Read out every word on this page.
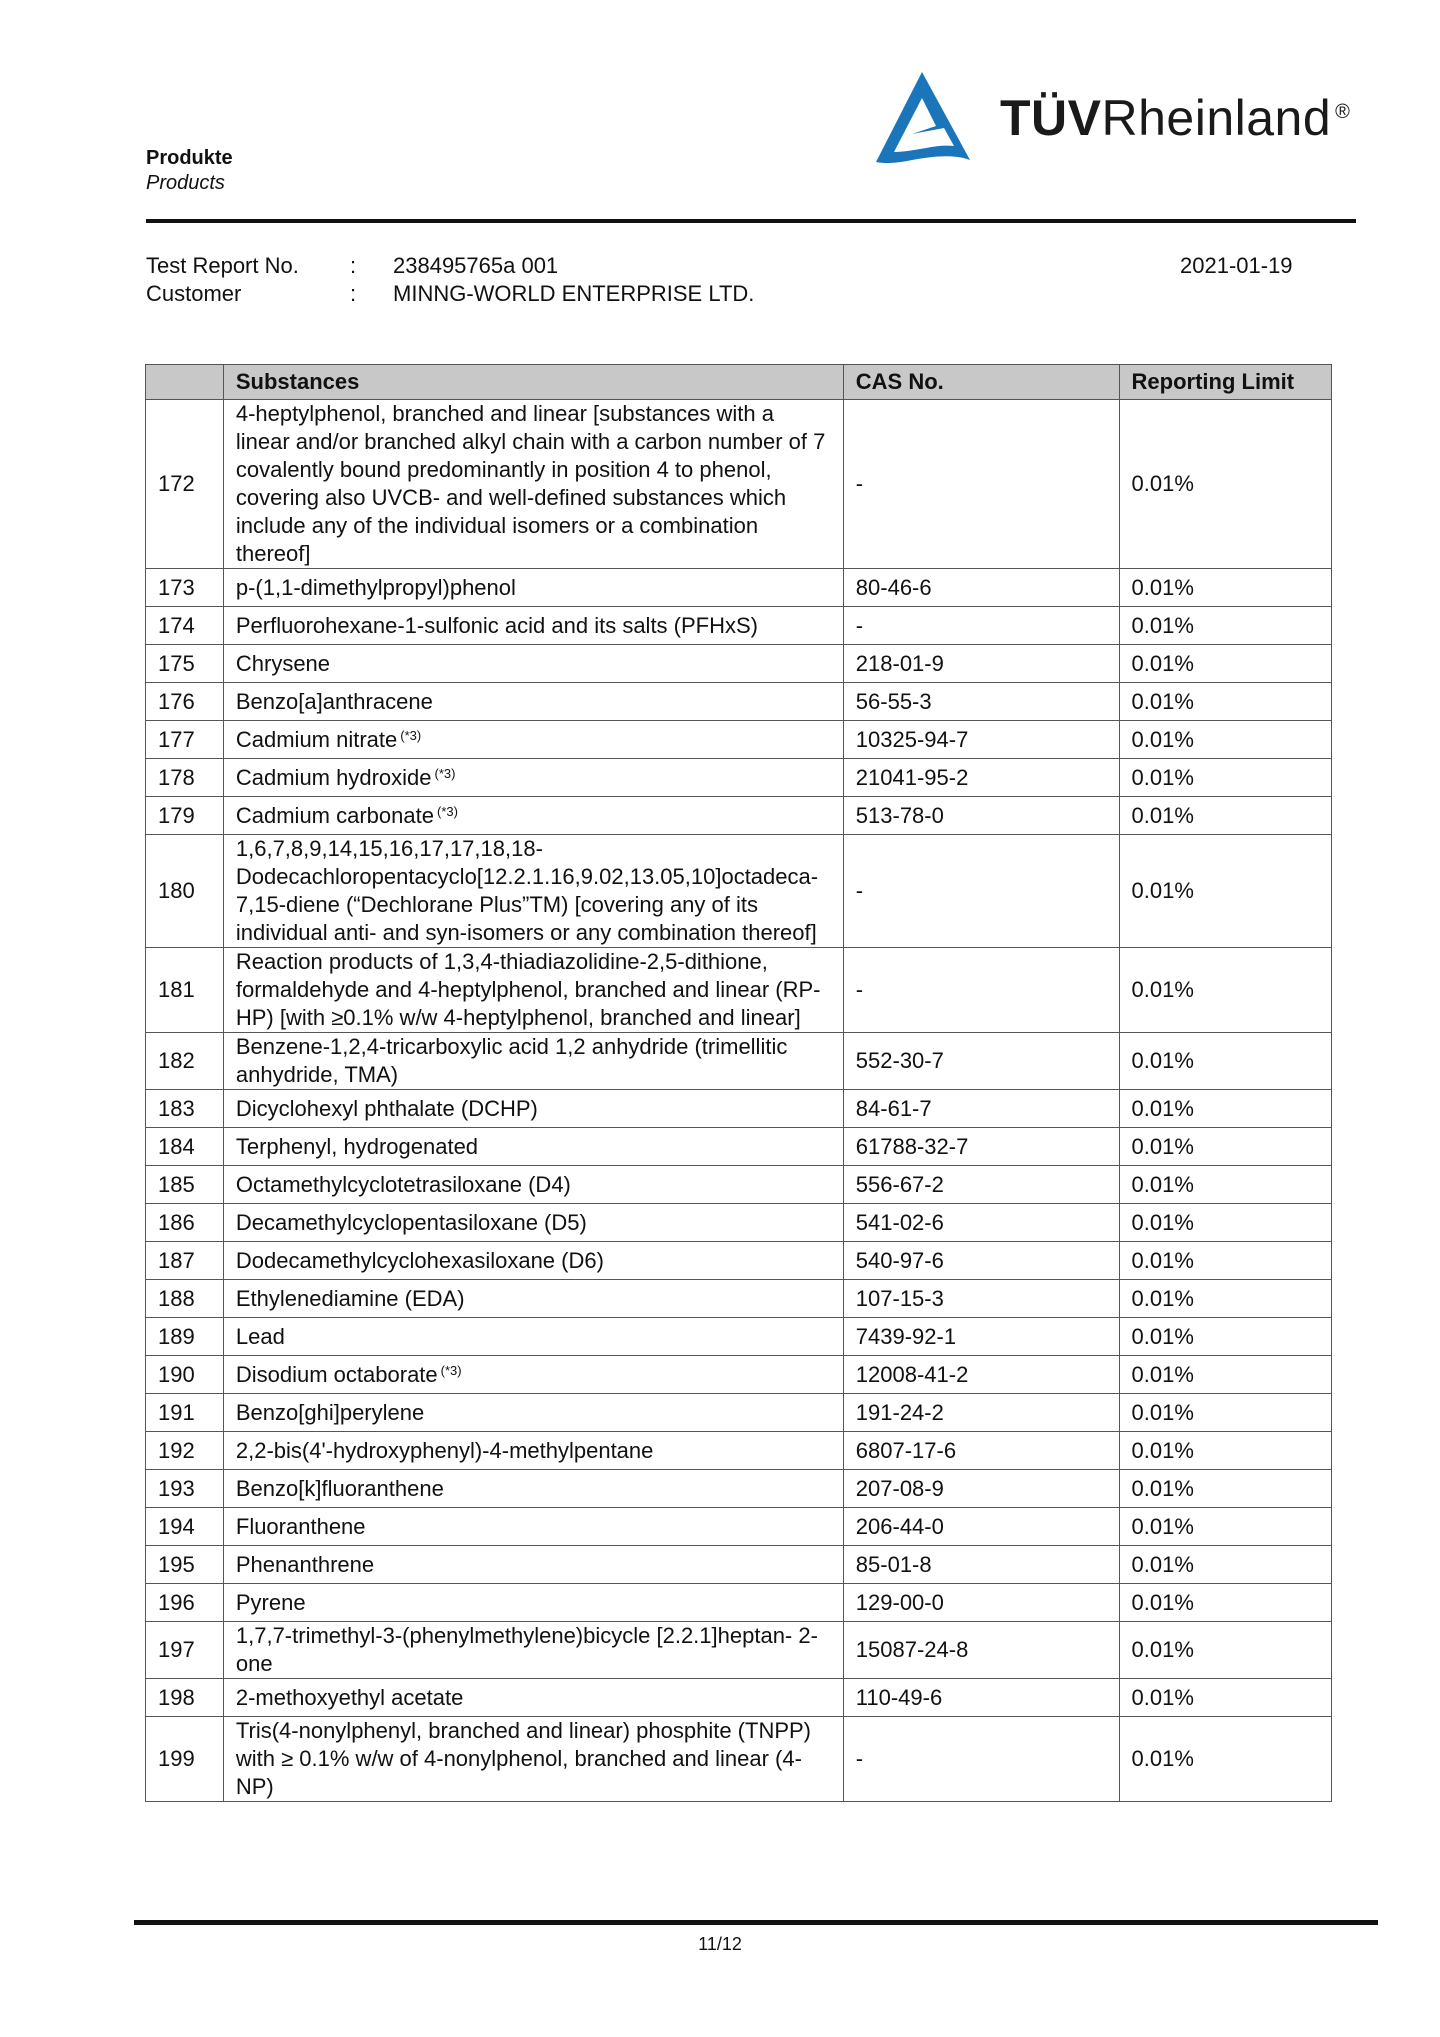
Produkte
Products
TÜVRheinland ®
Test Report No. : 238495765a 001
Customer	: MINNG-WORLD ENTERPRISE LTD.
2021-01-19
	Substances	CAS No.	Reporting Limit
172	4-heptylphenol, branched and linear [substances with a linear and/or branched alkyl chain with a carbon number of 7 covalently bound predominantly in position 4 to phenol, covering also UVCB- and well-defined substances which include any of the individual isomers or a combination thereof]	-	0.01%
173	p-(1,1-dimethylpropyl)phenol	80-46-6	0.01%
174	Perfluorohexane-1-sulfonic acid and its salts (PFHxS)	-	0.01%
175	Chrysene	218-01-9	0.01%
176	Benzo[a]anthracene	56-55-3	0.01%
177	Cadmium nitrate $^{(*3)}$	10325-94-7	0.01%
178	Cadmium hydroxide $^{(*3)}$	21041-95-2	0.01%
179	Cadmium carbonate $^{(*3)}$	513-78-0	0.01%
180	1,6,7,8,9,14,15,16,17,17,18,18-Dodecachloropentacyclo[12.2.1.16,9.02,13.05,10]octadeca-7,15-diene (“Dechlorane Plus”TM) [covering any of its individual anti- and syn-isomers or any combination thereof]	-	0.01%
181	Reaction products of 1,3,4-thiadiazolidine-2,5-dithione, formaldehyde and 4-heptylphenol, branched and linear (RP-HP) [with ≥0.1% w/w 4-heptylphenol, branched and linear]	-	0.01%
182	Benzene-1,2,4-tricarboxylic acid 1,2 anhydride (trimellitic anhydride, TMA)	552-30-7	0.01%
183	Dicyclohexyl phthalate (DCHP)	84-61-7	0.01%
184	Terphenyl, hydrogenated	61788-32-7	0.01%
185	Octamethylcyclotetrasiloxane (D4)	556-67-2	0.01%
186	Decamethylcyclopentasiloxane (D5)	541-02-6	0.01%
187	Dodecamethylcyclohexasiloxane (D6)	540-97-6	0.01%
188	Ethylenediamine (EDA)	107-15-3	0.01%
189	Lead	7439-92-1	0.01%
190	Disodium octaborate $^{(*3)}$	12008-41-2	0.01%
191	Benzo[ghi]perylene	191-24-2	0.01%
192	2,2-bis(4'-hydroxyphenyl)-4-methylpentane	6807-17-6	0.01%
193	Benzo[k]fluoranthene	207-08-9	0.01%
194	Fluoranthene	206-44-0	0.01%
195	Phenanthrene	85-01-8	0.01%
196	Pyrene	129-00-0	0.01%
197	1,7,7-trimethyl-3-(phenylmethylene)bicycle [2.2.1]heptan- 2-one	15087-24-8	0.01%
198	2-methoxyethyl acetate	110-49-6	0.01%
199	Tris(4-nonylphenyl, branched and linear) phosphite (TNPP) with ≥ 0.1% w/w of 4-nonylphenol, branched and linear (4-NP)	-	0.01%
11/12
